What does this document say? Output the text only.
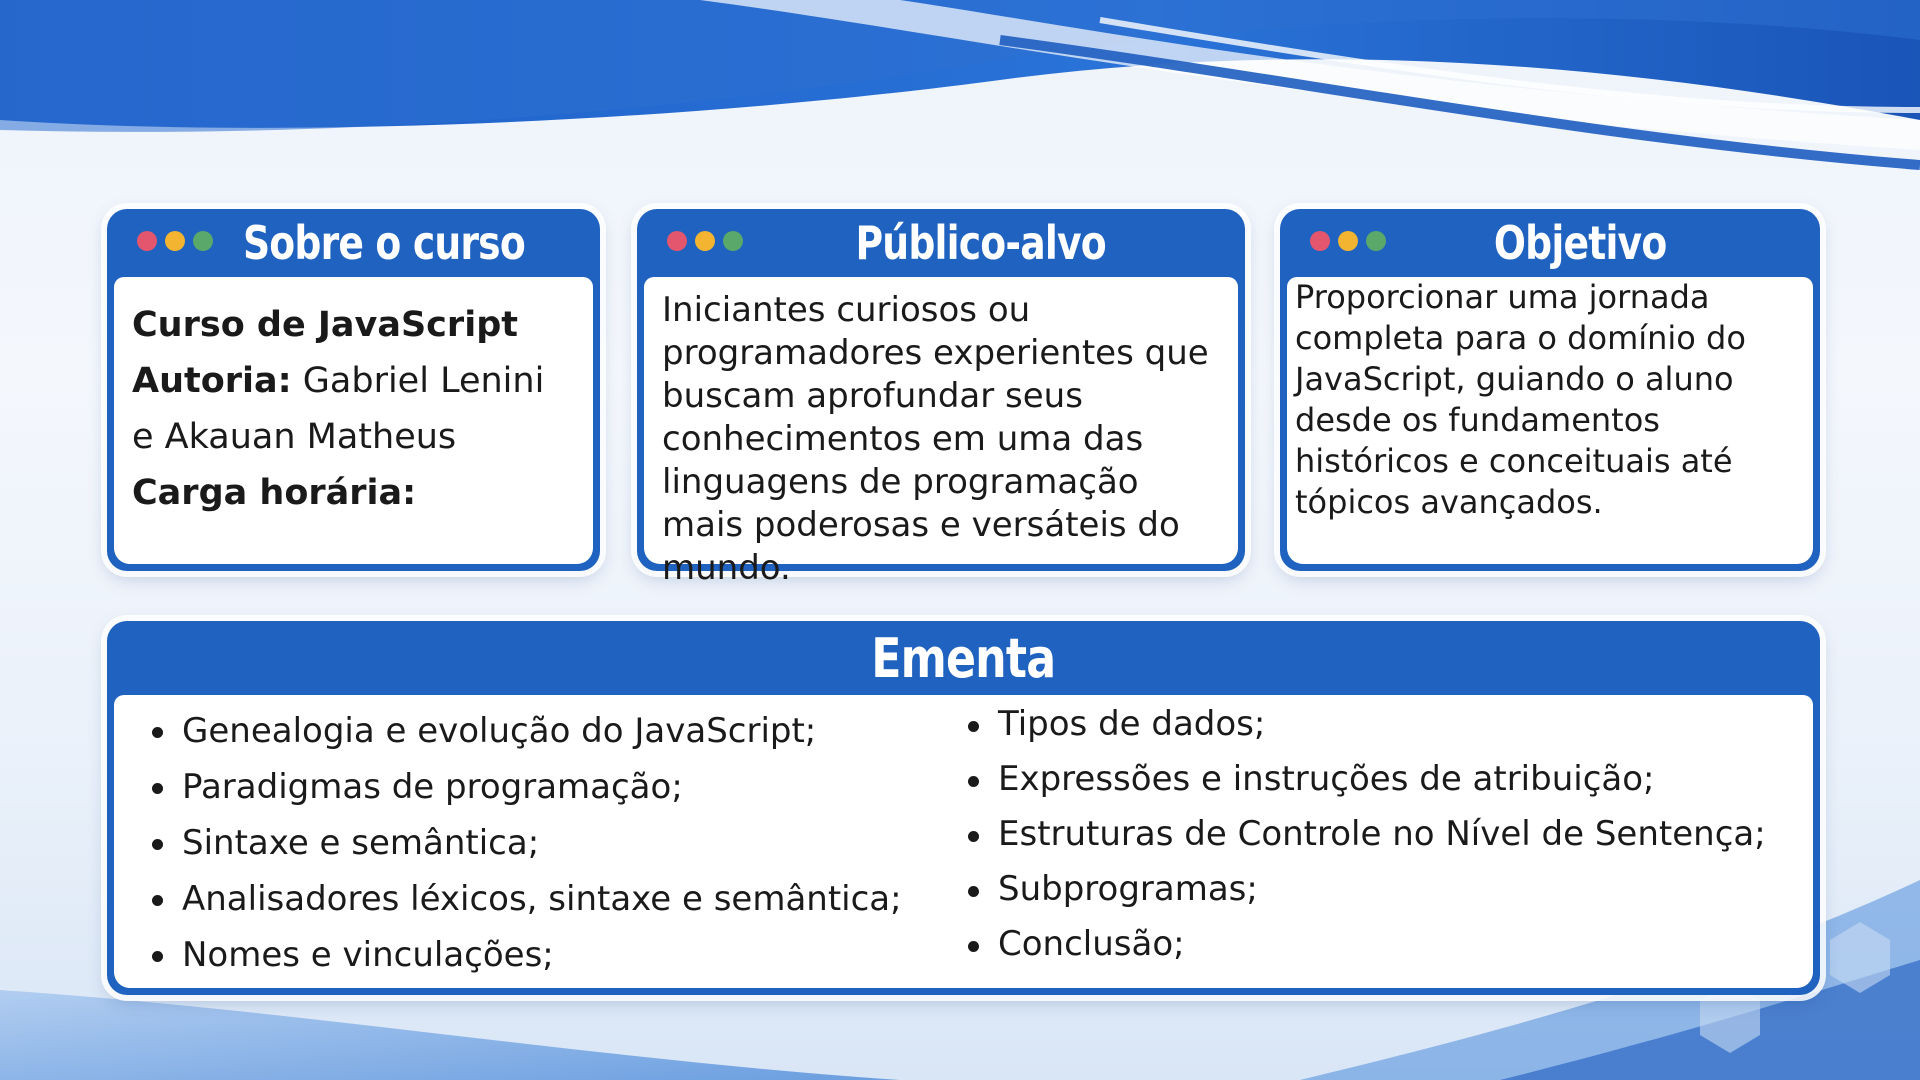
Sobre o curso
Curso de JavaScript
Autoria: Gabriel Lenini e Akauan Matheus
Carga horária:
Público-alvo
Iniciantes curiosos ou programadores experientes que buscam aprofundar seus conhecimentos em uma das linguagens de programação mais poderosas e versáteis do mundo.
Objetivo
Proporcionar uma jornada completa para o domínio do JavaScript, guiando o aluno desde os fundamentos históricos e conceituais até tópicos avançados.
Ementa
Genealogia e evolução do JavaScript;
Paradigmas de programação;
Sintaxe e semântica;
Analisadores léxicos, sintaxe e semântica;
Nomes e vinculações;
Tipos de dados;
Expressões e instruções de atribuição;
Estruturas de Controle no Nível de Sentença;
Subprogramas;
Conclusão;
